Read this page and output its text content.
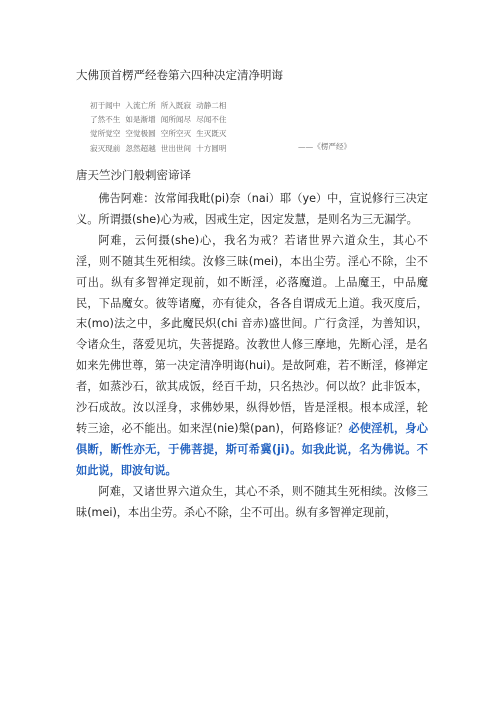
大佛顶首楞严经卷第六四种决定清净明诲
初于闻中 入流亡所 所入既寂 动静二相
了然不生 如是渐增 闻所闻尽 尽闻不住
觉所觉空 空觉极圆 空所空灭 生灭既灭
寂灭现前 忽然超越 世出世间 十方圆明	——《楞严经》
唐天竺沙门般剌密谛译

佛告阿难：汝常闻我毗(pi)奈（nai）耶（ye）中，宣说修行三决定义。所谓摄(she)心为戒，因戒生定，因定发慧，是则名为三无漏学。

阿难，云何摄(she)心，我名为戒？若诸世界六道众生，其心不淫，则不随其生死相续。汝修三昧(mei)，本出尘劳。淫心不除，尘不可出。纵有多智禅定现前，如不断淫，必落魔道。上品魔王，中品魔民，下品魔女。彼等诸魔，亦有徒众，各各自谓成无上道。我灭度后，末(mo)法之中，多此魔民炽(chi 音赤)盛世间。广行贪淫，为善知识，令诸众生，落爱见坑，失菩提路。汝教世人修三摩地，先断心淫，是名如来先佛世尊，第一决定清净明诲(hui)。是故阿难，若不断淫，修禅定者，如蒸沙石，欲其成饭，经百千劫，只名热沙。何以故？此非饭本，沙石成故。汝以淫身，求佛妙果，纵得妙悟，皆是淫根。根本成淫，轮转三途，必不能出。如来涅(nie)槃(pan)，何路修证？必使淫机，身心俱断，断性亦无，于佛菩提，斯可希冀(ji)。如我此说，名为佛说。不如此说，即波旬说。

阿难，又诸世界六道众生，其心不杀，则不随其生死相续。汝修三昧(mei)，本出尘劳。杀心不除，尘不可出。纵有多智禅定现前，
